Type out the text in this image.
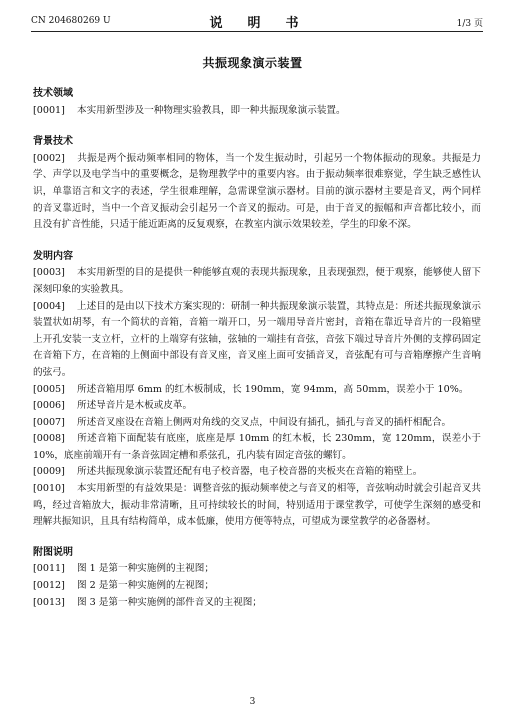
CN 204680269 U	说　明　书	1/3 页
共振现象演示装置
技术领域
[0001] 本实用新型涉及一种物理实验教具，即一种共振现象演示装置。
背景技术
[0002] 共振是两个振动频率相同的物体，当一个发生振动时，引起另一个物体振动的现象。共振是力学、声学以及电学当中的重要概念，是物理教学中的重要内容。由于振动频率很难察觉，学生缺乏感性认识，单靠语言和文字的表述，学生很难理解，急需课堂演示器材。目前的演示器材主要是音叉，两个同样的音叉靠近时，当中一个音叉振动会引起另一个音叉的振动。可是，由于音叉的振幅和声音都比较小，而且没有扩音性能，只适于能近距离的反复观察，在教室内演示效果较差，学生的印象不深。
发明内容
[0003] 本实用新型的目的是提供一种能够直观的表现共振现象，且表现强烈，便于观察，能够使人留下深刻印象的实验教具。
[0004] 上述目的是由以下技术方案实现的：研制一种共振现象演示装置，其特点是：所述共振现象演示装置状如胡琴，有一个简状的音箱，音箱一端开口，另一端用导音片密封，音箱在靠近导音片的一段箱壁上开孔安装一支立杆，立杆的上端穿有弦轴，弦轴的一端挂有音弦，音弦下端过导音片外侧的支撑码固定在音箱下方，在音箱的上侧面中部设有音叉座，音叉座上面可安插音叉，音弦配有可与音箱摩擦产生音响的弦弓。
[0005] 所述音箱用厚 6mm 的红木板制成，长 190mm，宽 94mm，高 50mm，误差小于 10%。
[0006] 所述导音片是木板或皮革。
[0007] 所述音叉座设在音箱上侧两对角线的交叉点，中间设有插孔，插孔与音叉的插杆相配合。
[0008] 所述音箱下面配装有底座，底座是厚 10mm 的红木板，长 230mm，宽 120mm，误差小于 10%，底座前端开有一条音弦固定槽和系弦孔，孔内装有固定音弦的螺钉。
[0009] 所述共振现象演示装置还配有电子校音器，电子校音器的夹板夹在音箱的箱壁上。
[0010] 本实用新型的有益效果是：调整音弦的振动频率使之与音叉的相等，音弦响动时就会引起音叉共鸣，经过音箱放大，振动非常清晰，且可持续较长的时间，特别适用于课堂教学，可使学生深刻的感受和理解共振知识，且具有结构简单，成本低廉，使用方便等特点，可望成为课堂教学的必备器材。
附图说明
[0011] 图 1 是第一种实施例的主视图；
[0012] 图 2 是第一种实施例的左视图；
[0013] 图 3 是第一种实施例的部件音叉的主视图；
3
